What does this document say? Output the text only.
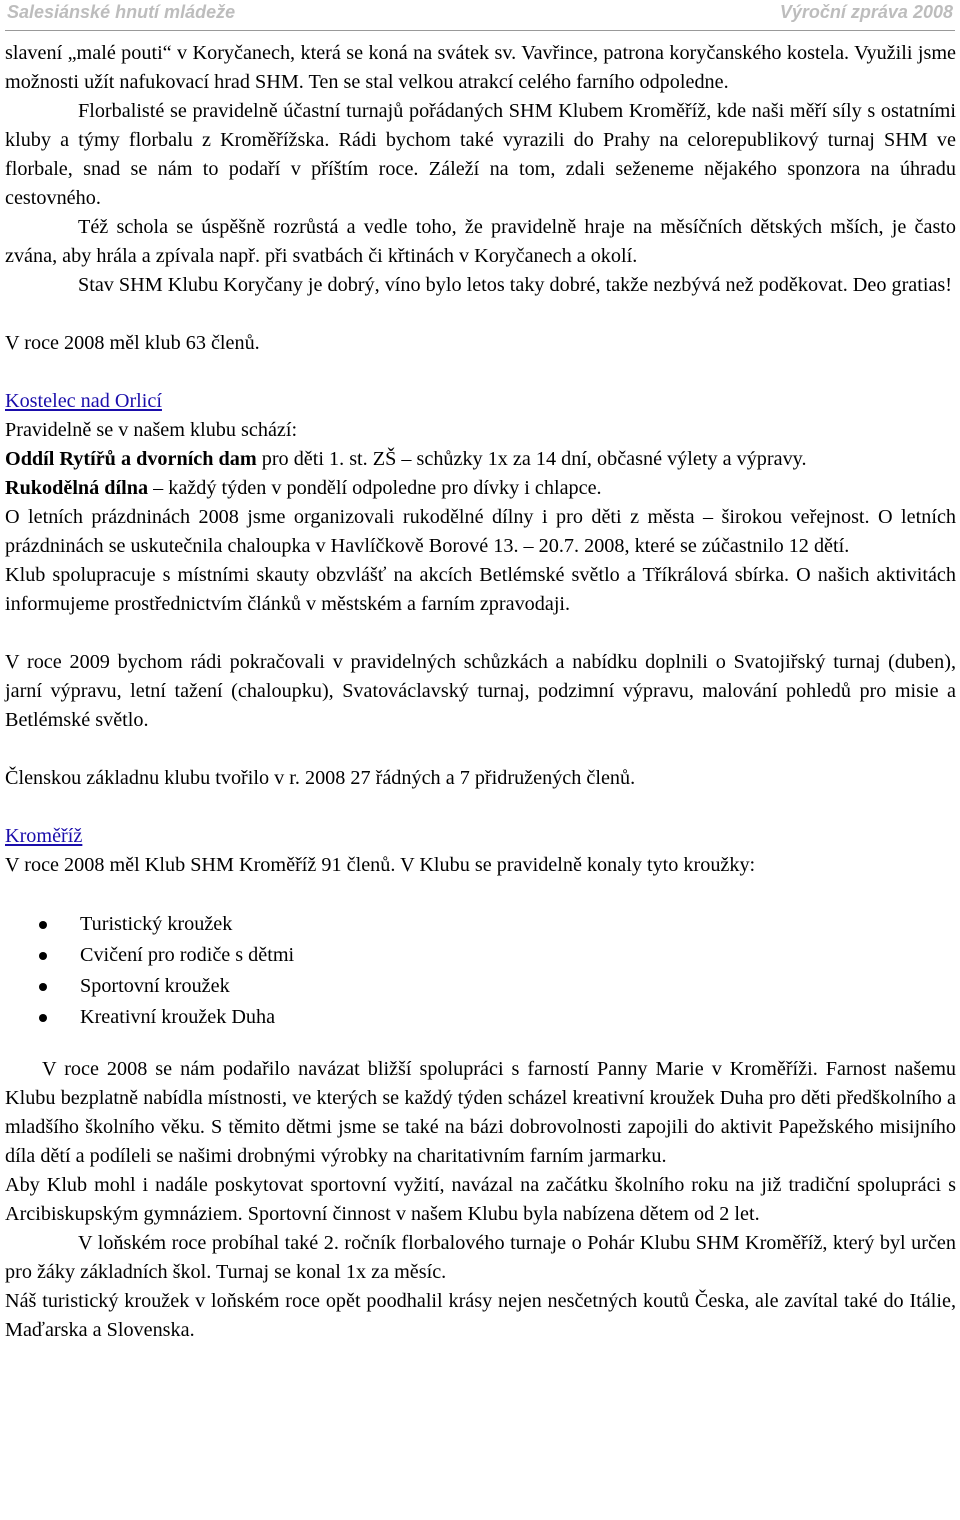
Salesiánské hnutí mládeže	Výroční zpráva 2008

slavení „malé pouti“ v Koryčanech, která se koná na svátek sv. Vavřince, patrona koryčanského kostela. Využili jsme možnosti užít nafukovací hrad SHM. Ten se stal velkou atrakcí celého farního odpoledne.

Florbalisté se pravidelně účastní turnajů pořádaných SHM Klubem Kroměříž, kde naši měří síly s ostatními kluby a týmy florbalu z Kroměřížska. Rádi bychom také vyrazili do Prahy na celorepublikový turnaj SHM ve florbale, snad se nám to podaří v příštím roce. Záleží na tom, zdali seženeme nějakého sponzora na úhradu cestovného.

Též schola se úspěšně rozrůstá a vedle toho, že pravidelně hraje na měsíčních dětských mších, je často zvána, aby hrála a zpívala např. při svatbách či křtinách v Koryčanech a okolí.

Stav SHM Klubu Koryčany je dobrý, víno bylo letos taky dobré, takže nezbývá než poděkovat. Deo gratias!

V roce 2008 měl klub 63 členů.

Kostelec nad Orlicí

Pravidelně se v našem klubu schází:

Oddíl Rytířů a dvorních dam pro děti 1. st. ZŠ – schůzky 1x za 14 dní, občasné výlety a výpravy.

Rukodělná dílna – každý týden v pondělí odpoledne pro dívky i chlapce.

O letních prázdninách 2008 jsme organizovali rukodělné dílny i pro děti z města – širokou veřejnost. O letních prázdninách se uskutečnila chaloupka v Havlíčkově Borové 13. – 20.7. 2008, které se zúčastnilo 12 dětí.

Klub spolupracuje s místními skauty obzvlášť na akcích Betlémské světlo a Tříkrálová sbírka. O našich aktivitách informujeme prostřednictvím článků v městském a farním zpravodaji.

V roce 2009 bychom rádi pokračovali v pravidelných schůzkách a nabídku doplnili o Svatojiřský turnaj (duben), jarní výpravu, letní tažení (chaloupku), Svatováclavský turnaj, podzimní výpravu, malování pohledů pro misie a Betlémské světlo.

Členskou základnu klubu tvořilo v r. 2008 27 řádných a 7 přidružených členů.

Kroměříž

V roce 2008 měl Klub SHM Kroměříž 91 členů. V Klubu se pravidelně konaly tyto kroužky:

Turistický kroužek
Cvičení pro rodiče s dětmi
Sportovní kroužek
Kreativní kroužek Duha

V roce 2008 se nám podařilo navázat bližší spolupráci s farností Panny Marie v Kroměříži. Farnost našemu Klubu bezplatně nabídla místnosti, ve kterých se každý týden scházel kreativní kroužek Duha pro děti předškolního a mladšího školního věku. S těmito dětmi jsme se také na bázi dobrovolnosti zapojili do aktivit Papežského misijního díla dětí a podíleli se našimi drobnými výrobky na charitativním farním jarmarku.

Aby Klub mohl i nadále poskytovat sportovní vyžití, navázal na začátku školního roku na již tradiční spolupráci s Arcibiskupským gymnáziem. Sportovní činnost v našem Klubu byla nabízena dětem od 2 let.

V loňském roce probíhal také 2. ročník florbalového turnaje o Pohár Klubu SHM Kroměříž, který byl určen pro žáky základních škol. Turnaj se konal 1x za měsíc.

Náš turistický kroužek v loňském roce opět poodhalil krásy nejen nesčetných koutů Česka, ale zavítal také do Itálie, Maďarska a Slovenska.
